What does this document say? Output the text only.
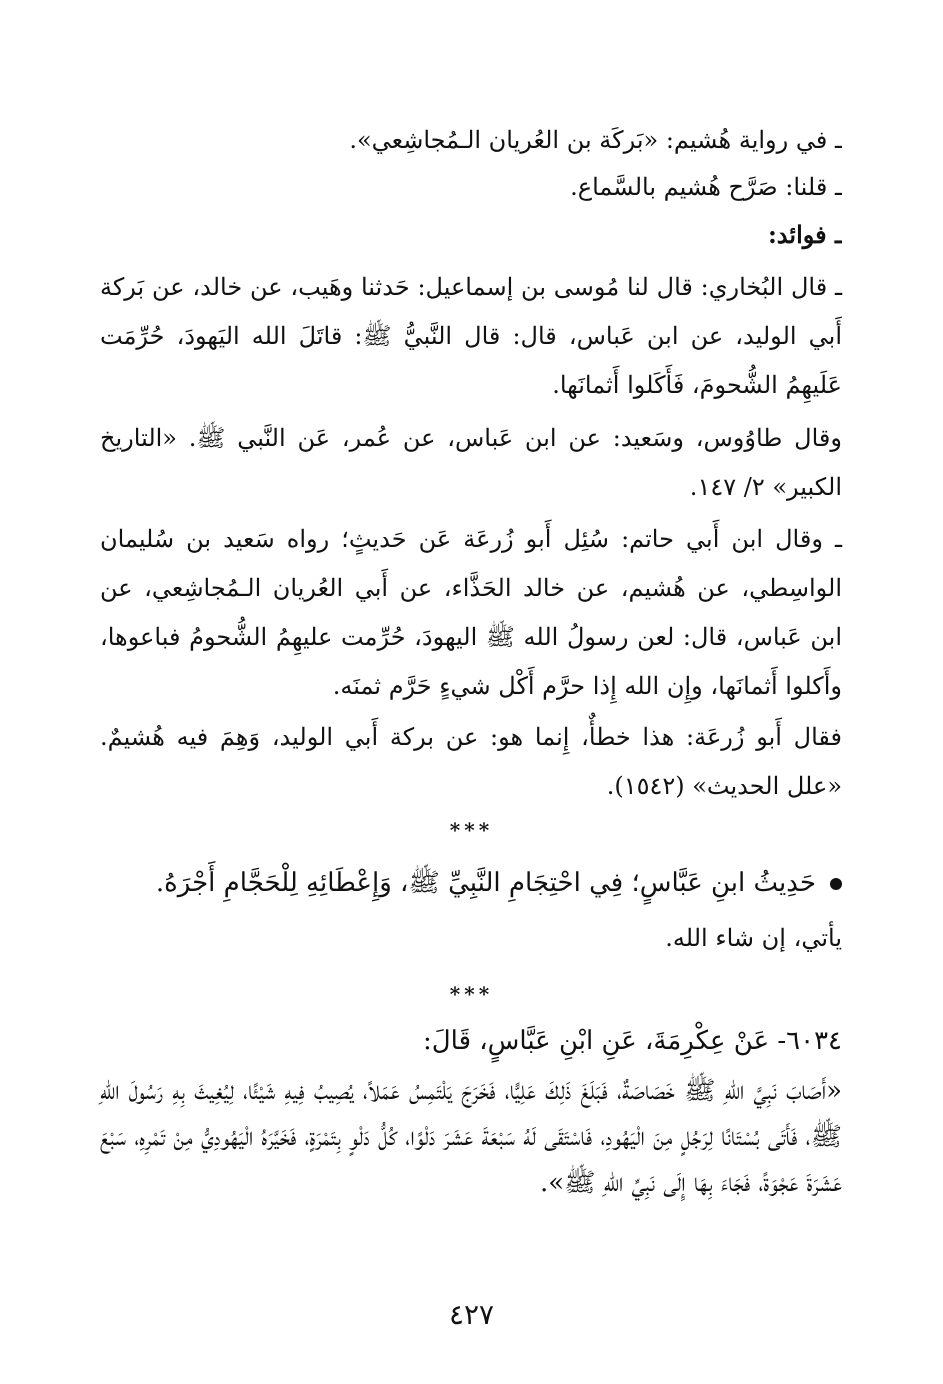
ـ في رواية هُشيم: «بَركَة بن العُريان الـمُجاشِعي».
ـ قلنا: صَرَّح هُشيم بالسَّماع.
ـ فوائد:
ـ قال البُخاري: قال لنا مُوسى بن إسماعيل: حَدثنا وهَيب، عن خالد، عن بَركة أَبي الوليد، عن ابن عَباس، قال: قال النَّبيُّ ﷺ: قاتَلَ الله اليَهودَ، حُرِّمَت عَلَيهِمُ الشُّحومَ، فَأَكَلوا أَثمانَها.
وقال طاوُوس، وسَعيد: عن ابن عَباس، عن عُمر، عَن النَّبي ﷺ. «التاريخ الكبير» ٢/ ١٤٧.
ـ وقال ابن أَبي حاتم: سُئِل أَبو زُرعَة عَن حَديثٍ؛ رواه سَعيد بن سُليمان الواسِطي، عن هُشيم، عن خالد الحَذَّاء، عن أَبي العُريان الـمُجاشِعي، عن ابن عَباس، قال: لعن رسولُ الله ﷺ اليهودَ، حُرِّمت عليهِمُ الشُّحومُ فباعوها، وأَكلوا أَثمانَها، وإِن الله إِذا حرَّم أَكْل شيءٍ حَرَّم ثمنَه.
فقال أَبو زُرعَة: هذا خطأٌ، إِنما هو: عن بركة أَبي الوليد، وَهِمَ فيه هُشيمٌ. «علل الحديث» (١٥٤٢).
***
حَدِيثُ ابنِ عَبَّاسٍ؛ فِي احْتِجَامِ النَّبِيِّ ﷺ، وَإِعْطَائِهِ لِلْحَجَّامِ أَجْرَهُ.
يأتي، إن شاء الله.
***
٦٠٣٤- عَنْ عِكْرِمَةَ، عَنِ ابْنِ عَبَّاسٍ، قَالَ:
«أَصَابَ نَبِيَّ اللهِ ﷺ خَصَاصَةٌ، فَبَلَغَ ذَلِكَ عَلِيًّا، فَخَرَجَ يَلْتَمِسُ عَمَلاً، يُصِيبُ فِيهِ شَيْئًا، لِيُغِيثَ بِهِ رَسُولَ اللهِ ﷺ، فَأَتَى بُسْتَانًا لِرَجُلٍ مِنَ الْيَهُودِ، فَاسْتَقَى لَهُ سَبْعَةَ عَشَرَ دَلْوًا، كُلُّ دَلْوٍ بِتَمْرَةٍ، فَخَيَّرَهُ الْيَهُودِيُّ مِنْ تَمْرِهِ، سَبْعَ عَشَرَةَ عَجْوَةً، فَجَاءَ بِهَا إِلَى نَبِيِّ اللهِ ﷺ».
٤٢٧
